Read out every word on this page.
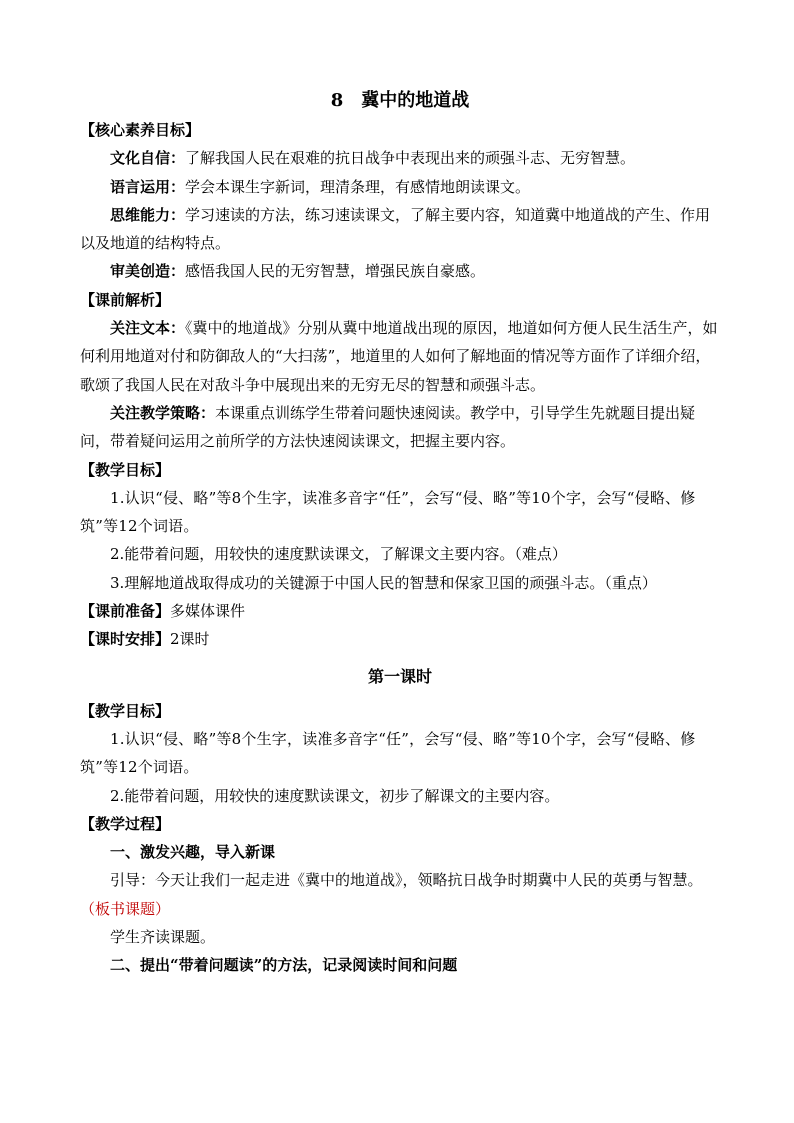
8 冀中的地道战

【核心素养目标】

文化自信：了解我国人民在艰难的抗日战争中表现出来的顽强斗志、无穷智慧。

语言运用：学会本课生字新词，理清条理，有感情地朗读课文。

思维能力：学习速读的方法，练习速读课文，了解主要内容，知道冀中地道战的产生、作用以及地道的结构特点。

审美创造：感悟我国人民的无穷智慧，增强民族自豪感。

【课前解析】

关注文本：《冀中的地道战》分别从冀中地道战出现的原因，地道如何方便人民生活生产，如何利用地道对付和防御敌人的“大扫荡”，地道里的人如何了解地面的情况等方面作了详细介绍，歌颂了我国人民在对敌斗争中展现出来的无穷无尽的智慧和顽强斗志。

关注教学策略：本课重点训练学生带着问题快速阅读。教学中，引导学生先就题目提出疑问，带着疑问运用之前所学的方法快速阅读课文，把握主要内容。

【教学目标】

1.认识“侵、略”等8个生字，读准多音字“任”，会写“侵、略”等10个字，会写“侵略、修筑”等12个词语。

2.能带着问题，用较快的速度默读课文，了解课文主要内容。（难点）

3.理解地道战取得成功的关键源于中国人民的智慧和保家卫国的顽强斗志。（重点）

【课前准备】多媒体课件

【课时安排】2课时

第一课时

【教学目标】

1.认识“侵、略”等8个生字，读准多音字“任”，会写“侵、略”等10个字，会写“侵略、修筑”等12个词语。

2.能带着问题，用较快的速度默读课文，初步了解课文的主要内容。

【教学过程】

一、激发兴趣，导入新课

引导：今天让我们一起走进《冀中的地道战》，领略抗日战争时期冀中人民的英勇与智慧。（板书课题）

学生齐读课题。

二、提出“带着问题读”的方法，记录阅读时间和问题
